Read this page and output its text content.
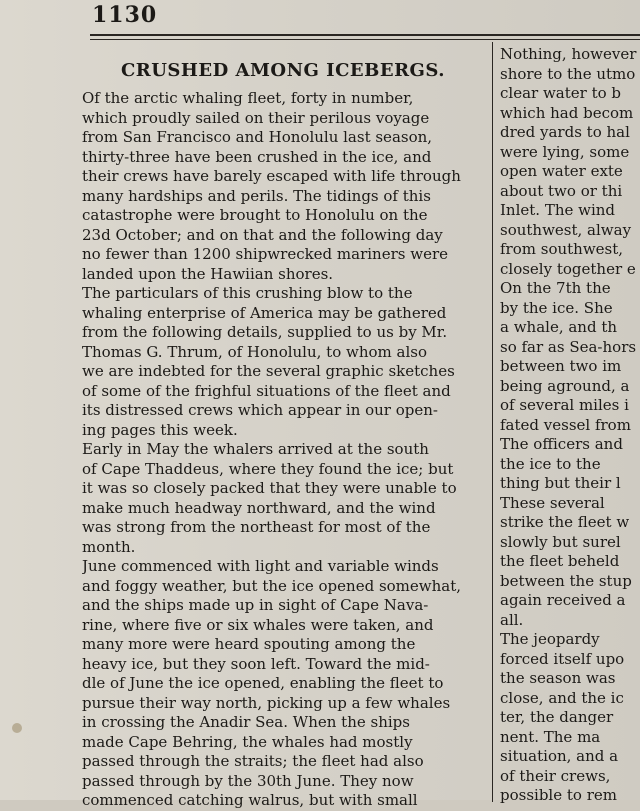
1130
CRUSHED AMONG ICEBERGS.
Of the arctic whaling fleet, forty in number,
which proudly sailed on their perilous voyage
from San Francisco and Honolulu last season,
thirty-three have been crushed in the ice, and
their crews have barely escaped with life through
many hardships and perils. The tidings of this
catastrophe were brought to Honolulu on the
23d October; and on that and the following day
no fewer than 1200 shipwrecked mariners were
landed upon the Hawiian shores.
The particulars of this crushing blow to the
whaling enterprise of America may be gathered
from the following details, supplied to us by Mr.
Thomas G. Thrum, of Honolulu, to whom also
we are indebted for the several graphic sketches
of some of the frighful situations of the fleet and
its distressed crews which appear in our open-
ing pages this week.
Early in May the whalers arrived at the south
of Cape Thaddeus, where they found the ice; but
it was so closely packed that they were unable to
make much headway northward, and the wind
was strong from the northeast for most of the
month.
June commenced with light and variable winds
and foggy weather, but the ice opened somewhat,
and the ships made up in sight of Cape Nava-
rine, where five or six whales were taken, and
many more were heard spouting among the
heavy ice, but they soon left. Toward the mid-
dle of June the ice opened, enabling the fleet to
pursue their way north, picking up a few whales
in crossing the Anadir Sea. When the ships
made Cape Behring, the whales had mostly
passed through the straits; the fleet had also
passed through by the 30th June. They now
commenced catching walrus, but with small
Nothing, however
shore to the utmo
clear water to b
which had becom
dred yards to hal
were lying, some
open water exte
about two or thi
Inlet. The wind
southwest, alway
from southwest,
closely together e
On the 7th the
by the ice. She
a whale, and th
so far as Sea-hors
between two im
being aground, a
of several miles i
fated vessel from
The officers and
the ice to the
thing but their l
These several
strike the fleet w
slowly but surel
the fleet beheld
between the stup
again received a
all.
The jeopardy
forced itself upo
the season was
close, and the ic
ter, the danger
nent. The ma
situation, and a
of their crews,
possible to rem
